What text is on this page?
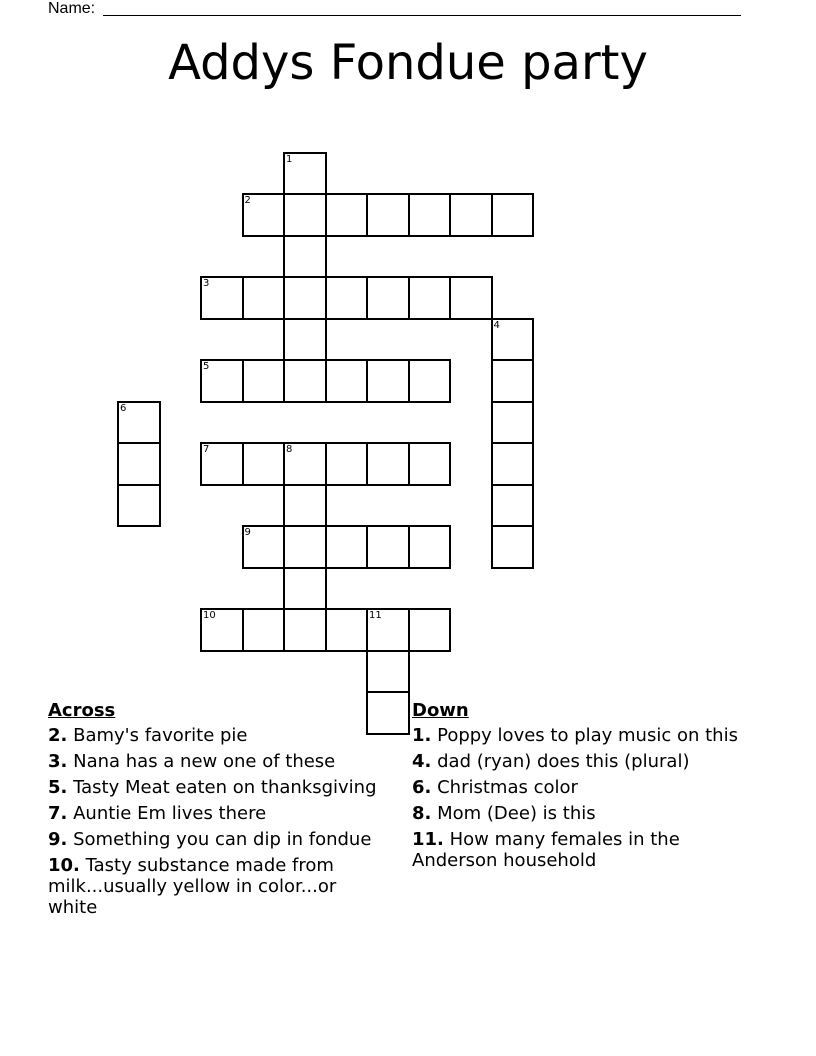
Name:
Addys Fondue party
1
2
3
4
5
6
7	8
9
10	11
Across
2. Bamy's favorite pie
3. Nana has a new one of these
5. Tasty Meat eaten on thanksgiving
7. Auntie Em lives there
9. Something you can dip in fondue
10. Tasty substance made from milk...usually yellow in color...or white
Down
1. Poppy loves to play music on this
4. dad (ryan) does this (plural)
6. Christmas color
8. Mom (Dee) is this
11. How many females in the Anderson household
